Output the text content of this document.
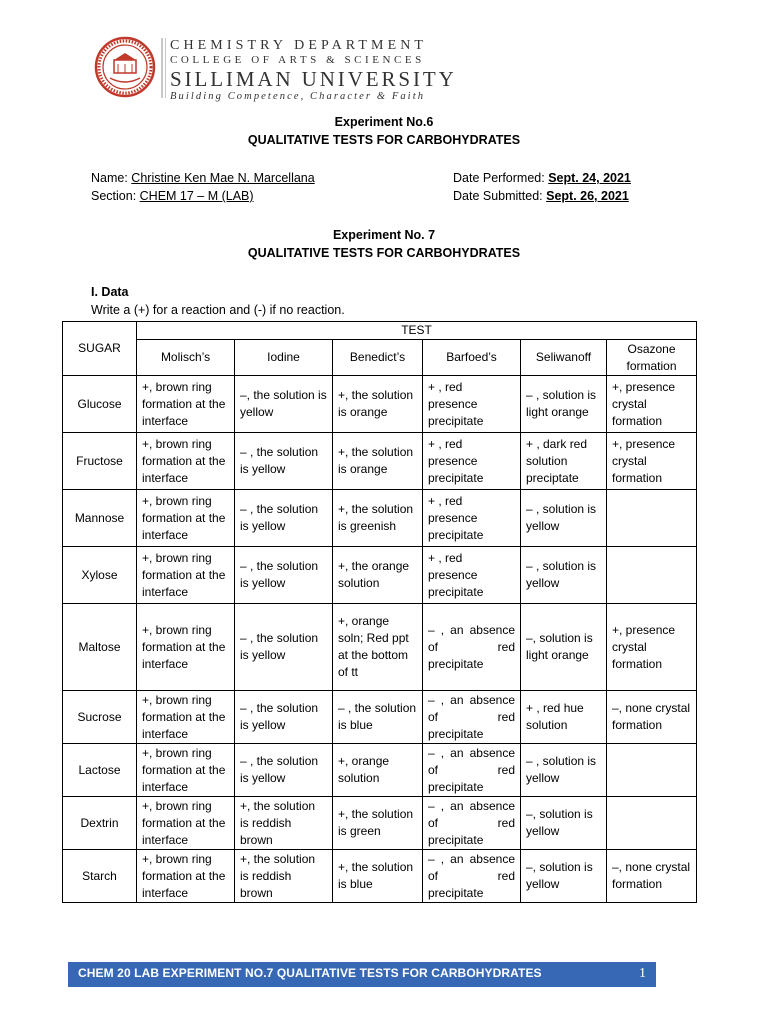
CHEMISTRY DEPARTMENT
COLLEGE OF ARTS & SCIENCES
SILLIMAN UNIVERSITY
Building Competence, Character & Faith
Experiment No.6
QUALITATIVE TESTS FOR CARBOHYDRATES
Name: Christine Ken Mae N. Marcellana
Section: CHEM 17 – M (LAB)
Date Performed: Sept. 24, 2021
Date Submitted: Sept. 26, 2021
Experiment No. 7
QUALITATIVE TESTS FOR CARBOHYDRATES
I. Data
Write a (+) for a reaction and (-) if no reaction.
SUGAR	TEST					
	Molisch’s	Iodine	Benedict’s	Barfoed’s	Seliwanoff	Osazone formation
Glucose	+, brown ring formation at the interface	–, the solution is yellow	+, the solution is orange	+ , red presence precipitate	– , solution is light orange	+, presence crystal formation
Fructose	+, brown ring formation at the interface	– , the solution is yellow	+, the solution is orange	+ , red presence precipitate	+ , dark red solution preciptate	+, presence crystal formation
Mannose	+, brown ring formation at the interface	– , the solution is yellow	+, the solution is greenish	+ , red presence precipitate	– , solution is yellow	
Xylose	+, brown ring formation at the interface	– , the solution is yellow	+, the orange solution	+ , red presence precipitate	– , solution is yellow	
Maltose	+, brown ring formation at the interface	– , the solution is yellow	+, orange soln; Red ppt at the bottom of tt	– , an absence of red precipitate	–, solution is light orange	+, presence crystal formation
Sucrose	+, brown ring formation at the interface	– , the solution is yellow	– , the solution is blue	– , an absence of red precipitate	+ , red hue solution	–, none crystal formation
Lactose	+, brown ring formation at the interface	– , the solution is yellow	+, orange solution	– , an absence of red precipitate	– , solution is yellow	
Dextrin	+, brown ring formation at the interface	+, the solution is reddish brown	+, the solution is green	– , an absence of red precipitate	–, solution is yellow	
Starch	+, brown ring formation at the interface	+, the solution is reddish brown	+, the solution is blue	– , an absence of red precipitate	–, solution is yellow	–, none crystal formation
CHEM 20 LAB EXPERIMENT NO.7 QUALITATIVE TESTS FOR CARBOHYDRATES	1
